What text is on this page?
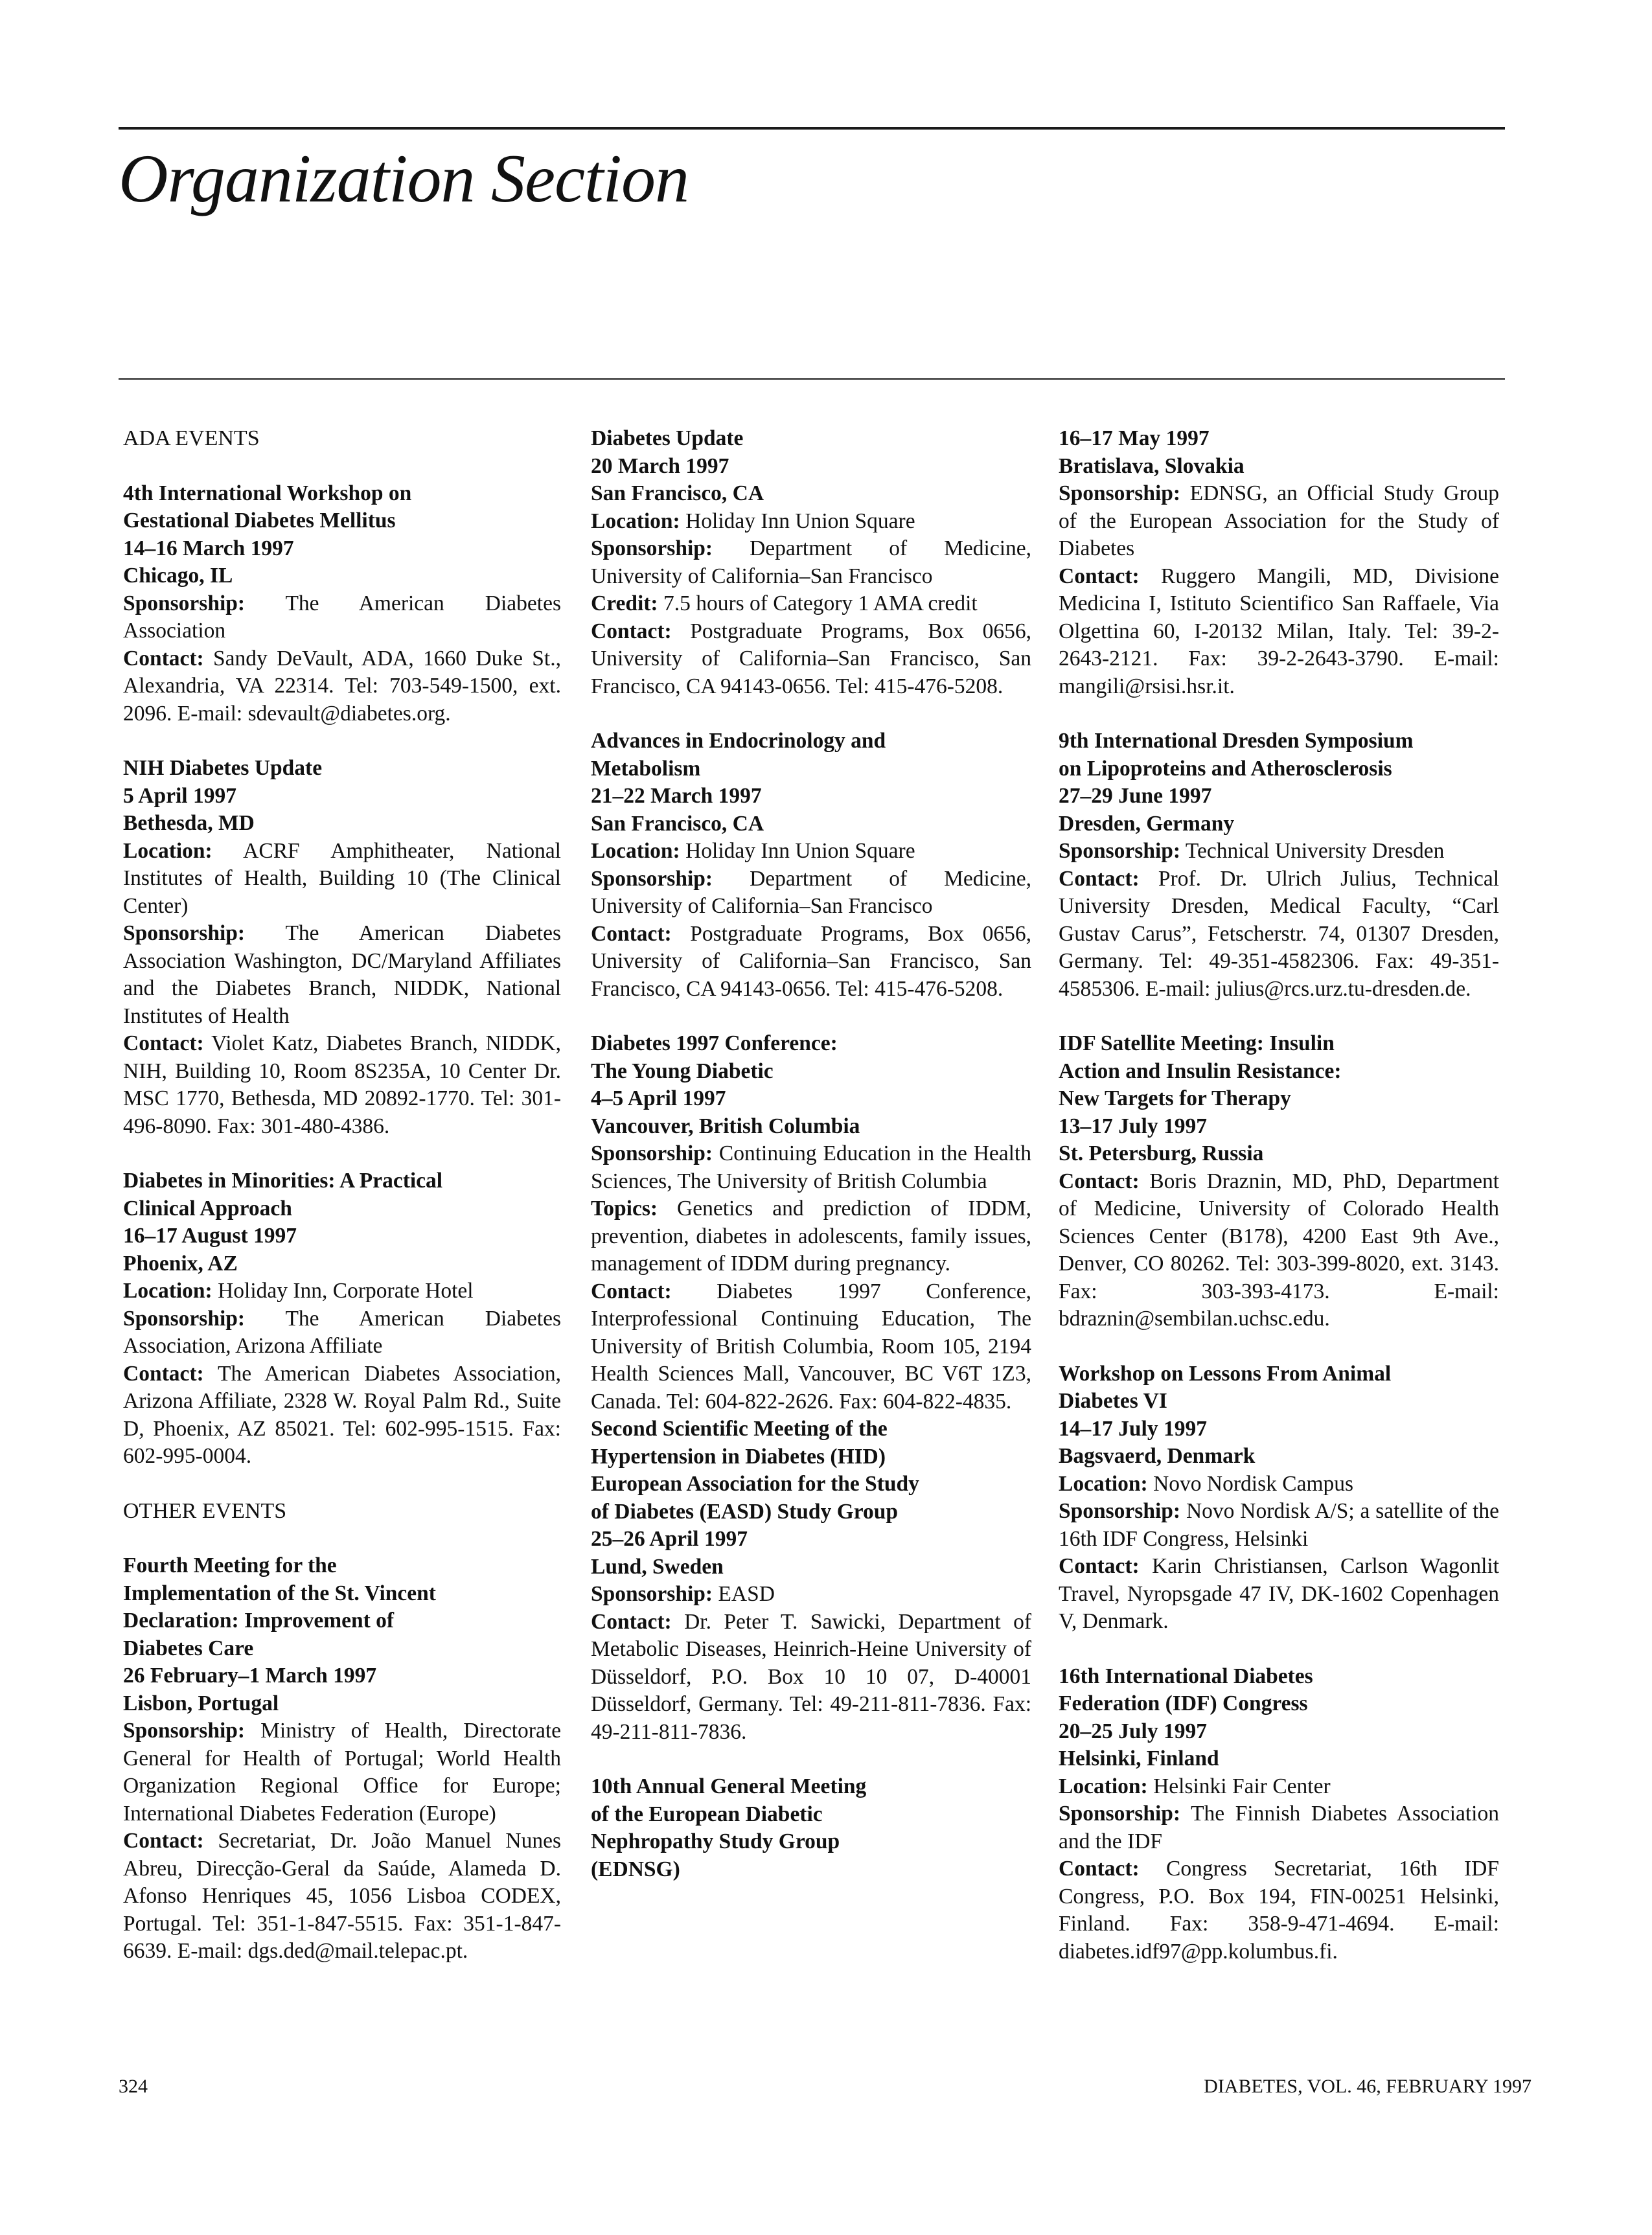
Organization Section
ADA EVENTS
4th International Workshop on
Gestational Diabetes Mellitus
14–16 March 1997
Chicago, IL
Sponsorship: The American Diabetes Association
Contact: Sandy DeVault, ADA, 1660 Duke St., Alexandria, VA 22314. Tel: 703-549-1500, ext. 2096. E-mail: sdevault@diabetes.org.
NIH Diabetes Update
5 April 1997
Bethesda, MD
Location: ACRF Amphitheater, National Institutes of Health, Building 10 (The Clinical Center)
Sponsorship: The American Diabetes Association Washington, DC/Maryland Affiliates and the Diabetes Branch, NIDDK, National Institutes of Health
Contact: Violet Katz, Diabetes Branch, NIDDK, NIH, Building 10, Room 8S235A, 10 Center Dr. MSC 1770, Bethesda, MD 20892-1770. Tel: 301-496-8090. Fax: 301-480-4386.
Diabetes in Minorities: A Practical
Clinical Approach
16–17 August 1997
Phoenix, AZ
Location: Holiday Inn, Corporate Hotel
Sponsorship: The American Diabetes Association, Arizona Affiliate
Contact: The American Diabetes Association, Arizona Affiliate, 2328 W. Royal Palm Rd., Suite D, Phoenix, AZ 85021. Tel: 602-995-1515. Fax: 602-995-0004.
OTHER EVENTS
Fourth Meeting for the
Implementation of the St. Vincent
Declaration: Improvement of
Diabetes Care
26 February–1 March 1997
Lisbon, Portugal
Sponsorship: Ministry of Health, Directorate General for Health of Portugal; World Health Organization Regional Office for Europe; International Diabetes Federation (Europe)
Contact: Secretariat, Dr. João Manuel Nunes Abreu, Direcção-Geral da Saúde, Alameda D. Afonso Henriques 45, 1056 Lisboa CODEX, Portugal. Tel: 351-1-847-5515. Fax: 351-1-847-6639. E-mail: dgs.ded@mail.telepac.pt.
Diabetes Update
20 March 1997
San Francisco, CA
Location: Holiday Inn Union Square
Sponsorship: Department of Medicine, University of California–San Francisco
Credit: 7.5 hours of Category 1 AMA credit
Contact: Postgraduate Programs, Box 0656, University of California–San Francisco, San Francisco, CA 94143-0656. Tel: 415-476-5208.
Advances in Endocrinology and
Metabolism
21–22 March 1997
San Francisco, CA
Location: Holiday Inn Union Square
Sponsorship: Department of Medicine, University of California–San Francisco
Contact: Postgraduate Programs, Box 0656, University of California–San Francisco, San Francisco, CA 94143-0656. Tel: 415-476-5208.
Diabetes 1997 Conference:
The Young Diabetic
4–5 April 1997
Vancouver, British Columbia
Sponsorship: Continuing Education in the Health Sciences, The University of British Columbia
Topics: Genetics and prediction of IDDM, prevention, diabetes in adolescents, family issues, management of IDDM during pregnancy.
Contact: Diabetes 1997 Conference, Interprofessional Continuing Education, The University of British Columbia, Room 105, 2194 Health Sciences Mall, Vancouver, BC V6T 1Z3, Canada. Tel: 604-822-2626. Fax: 604-822-4835.
Second Scientific Meeting of the
Hypertension in Diabetes (HID)
European Association for the Study
of Diabetes (EASD) Study Group
25–26 April 1997
Lund, Sweden
Sponsorship: EASD
Contact: Dr. Peter T. Sawicki, Department of Metabolic Diseases, Heinrich-Heine University of Düsseldorf, P.O. Box 10 10 07, D-40001 Düsseldorf, Germany. Tel: 49-211-811-7836. Fax: 49-211-811-7836.
10th Annual General Meeting
of the European Diabetic
Nephropathy Study Group
(EDNSG)
16–17 May 1997
Bratislava, Slovakia
Sponsorship: EDNSG, an Official Study Group of the European Association for the Study of Diabetes
Contact: Ruggero Mangili, MD, Divisione Medicina I, Istituto Scientifico San Raffaele, Via Olgettina 60, I-20132 Milan, Italy. Tel: 39-2-2643-2121. Fax: 39-2-2643-3790. E-mail: mangili@rsisi.hsr.it.
9th International Dresden Symposium
on Lipoproteins and Atherosclerosis
27–29 June 1997
Dresden, Germany
Sponsorship: Technical University Dresden
Contact: Prof. Dr. Ulrich Julius, Technical University Dresden, Medical Faculty, “Carl Gustav Carus”, Fetscherstr. 74, 01307 Dresden, Germany. Tel: 49-351-4582306. Fax: 49-351-4585306. E-mail: julius@rcs.urz.tu-dresden.de.
IDF Satellite Meeting: Insulin
Action and Insulin Resistance:
New Targets for Therapy
13–17 July 1997
St. Petersburg, Russia
Contact: Boris Draznin, MD, PhD, Department of Medicine, University of Colorado Health Sciences Center (B178), 4200 East 9th Ave., Denver, CO 80262. Tel: 303-399-8020, ext. 3143. Fax: 303-393-4173. E-mail: bdraznin@sembilan.uchsc.edu.
Workshop on Lessons From Animal
Diabetes VI
14–17 July 1997
Bagsvaerd, Denmark
Location: Novo Nordisk Campus
Sponsorship: Novo Nordisk A/S; a satellite of the 16th IDF Congress, Helsinki
Contact: Karin Christiansen, Carlson Wagonlit Travel, Nyropsgade 47 IV, DK-1602 Copenhagen V, Denmark.
16th International Diabetes
Federation (IDF) Congress
20–25 July 1997
Helsinki, Finland
Location: Helsinki Fair Center
Sponsorship: The Finnish Diabetes Association and the IDF
Contact: Congress Secretariat, 16th IDF Congress, P.O. Box 194, FIN-00251 Helsinki, Finland. Fax: 358-9-471-4694. E-mail: diabetes.idf97@pp.kolumbus.fi.
324	DIABETES, VOL. 46, FEBRUARY 1997
